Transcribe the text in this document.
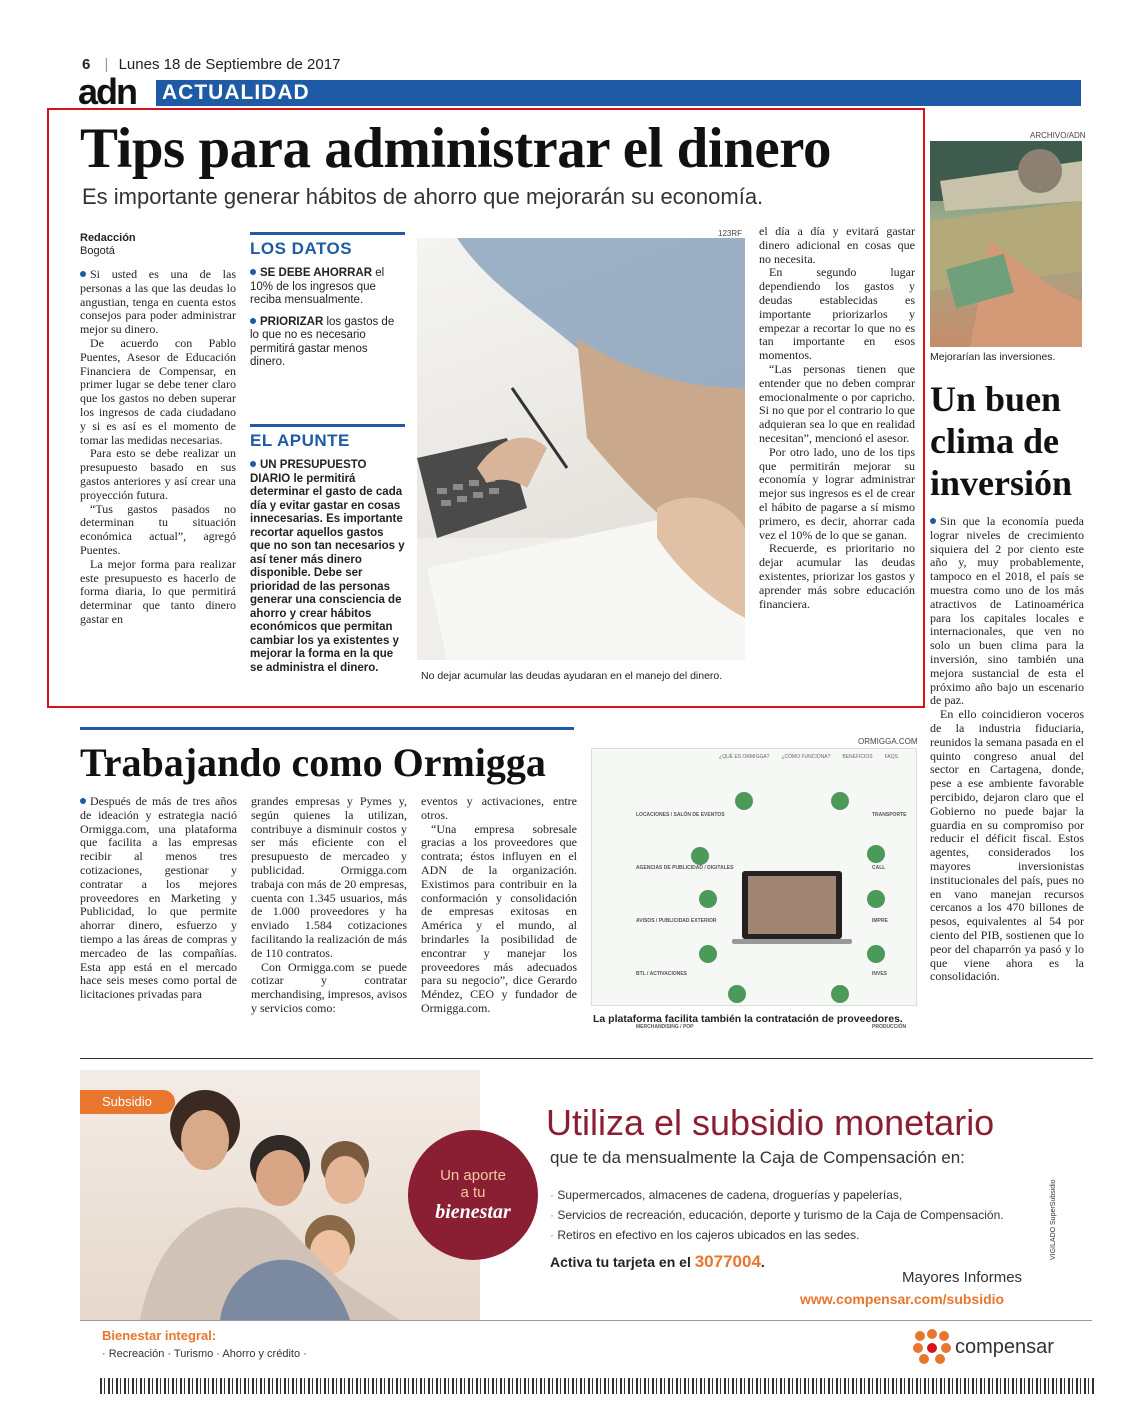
6 | Lunes 18 de Septiembre de 2017
adn ACTUALIDAD
Tips para administrar el dinero
Es importante generar hábitos de ahorro que mejorarán su economía.
Redacción
Bogotá

Si usted es una de las personas a las que las deudas lo angustian, tenga en cuenta estos consejos para poder administrar mejor su dinero.

De acuerdo con Pablo Puentes, Asesor de Educación Financiera de Compensar, en primer lugar se debe tener claro que los gastos no deben superar los ingresos de cada ciudadano y si es así es el momento de tomar las medidas necesarias.

Para esto se debe realizar un presupuesto basado en sus gastos anteriores y así crear una proyección futura.

“Tus gastos pasados no determinan tu situación económica actual”, agregó Puentes.

La mejor forma para realizar este presupuesto es hacerlo de forma diaria, lo que permitirá determinar que tanto dinero gastar en

LOS DATOS
SE DEBE AHORRAR el 10% de los ingresos que reciba mensualmente.
PRIORIZAR los gastos de lo que no es necesario permitirá gastar menos dinero.
EL APUNTE
UN PRESUPUESTO DIARIO le permitirá determinar el gasto de cada día y evitar gastar en cosas innecesarias. Es importante recortar aquellos gastos que no son tan necesarios y así tener más dinero disponible. Debe ser prioridad de las personas generar una consciencia de ahorro y crear hábitos económicos que permitan cambiar los ya existentes y mejorar la forma en la que se administra el dinero.
123RF
No dejar acumular las deudas ayudaran en el manejo del dinero.

el día a día y evitará gastar dinero adicional en cosas que no necesita.

En segundo lugar dependiendo los gastos y deudas establecidas es importante priorizarlos y empezar a recortar lo que no es tan importante en esos momentos.

“Las personas tienen que entender que no deben comprar emocionalmente o por capricho. Si no que por el contrario lo que adquieran sea lo que en realidad necesitan”, mencionó el asesor.

Por otro lado, uno de los tips que permitirán mejorar su economía y lograr administrar mejor sus ingresos es el de crear el hábito de pagarse a sí mismo primero, es decir, ahorrar cada vez el 10% de lo que se ganan.

Recuerde, es prioritario no dejar acumular las deudas existentes, priorizar los gastos y aprender más sobre educación financiera.

ARCHIVO/ADN
Mejorarían las inversiones.
Un buen clima de inversión

Sin que la economía pueda lograr niveles de crecimiento siquiera del 2 por ciento este año y, muy probablemente, tampoco en el 2018, el país se muestra como uno de los más atractivos de Latinoamérica para los capitales locales e internacionales, que ven no solo un buen clima para la inversión, sino también una mejora sustancial de esta el próximo año bajo un escenario de paz.

En ello coincidieron voceros de la industria fiduciaria, reunidos la semana pasada en el quinto congreso anual del sector en Cartagena, donde, pese a ese ambiente favorable percibido, dejaron claro que el Gobierno no puede bajar la guardia en su compromiso por reducir el déficit fiscal. Estos agentes, considerados los mayores inversionistas institucionales del país, pues no en vano manejan recursos cercanos a los 470 billones de pesos, equivalentes al 54 por ciento del PIB, sostienen que lo peor del chaparrón ya pasó y lo que viene ahora es la consolidación.

Trabajando como Ormigga

Después de más de tres años de ideación y estrategia nació Ormigga.com, una plataforma que facilita a las empresas recibir al menos tres cotizaciones, gestionar y contratar a los mejores proveedores en Marketing y Publicidad, lo que permite ahorrar dinero, esfuerzo y tiempo a las áreas de compras y mercadeo de las compañías. Esta app está en el mercado hace seis meses como portal de licitaciones privadas para

grandes empresas y Pymes y, según quienes la utilizan, contribuye a disminuir costos y ser más eficiente con el presupuesto de mercadeo y publicidad. Ormigga.com trabaja con más de 20 empresas, cuenta con 1.345 usuarios, más de 1.000 proveedores y ha enviado 1.584 cotizaciones facilitando la realización de más de 110 contratos.

Con Ormigga.com se puede cotizar y contratar merchandising, impresos, avisos y servicios como:

eventos y activaciones, entre otros.

“Una empresa sobresale gracias a los proveedores que contrata; éstos influyen en el ADN de la organización. Existimos para contribuir en la conformación y consolidación de empresas exitosas en América y el mundo, al brindarles la posibilidad de encontrar y manejar los proveedores más adecuados para su negocio”, dice Gerardo Méndez, CEO y fundador de Ormigga.com.

ORMIGGA.COM
¿QUÉ ES ORMIGGA? ¿CÓMO FUNCIONA? BENEFICIOS FAQS
LOCACIONES / SALÓN DE EVENTOS
AGENCIAS DE PUBLICIDAD / DIGITALES
AVISOS / PUBLICIDAD EXTERIOR
BTL / ACTIVACIONES
MERCHANDISING / POP
TRANSPORTE
CALL
IMPRE
INVES
PRODUCCIÓN
La plataforma facilita también la contratación de proveedores.
Subsidio
Un aporte
a tu
bienestar
Utiliza el subsidio monetario
que te da mensualmente la Caja de Compensación en:
· Supermercados, almacenes de cadena, droguerías y papelerías,
· Servicios de recreación, educación, deporte y turismo de la Caja de Compensación.
· Retiros en efectivo en los cajeros ubicados en las sedes.
Activa tu tarjeta en el 3077004.
Mayores Informes
www.compensar.com/subsidio
VIGILADO SuperSubsidio
Bienestar integral:
· Recreación · Turismo · Ahorro y crédito ·	compensar
